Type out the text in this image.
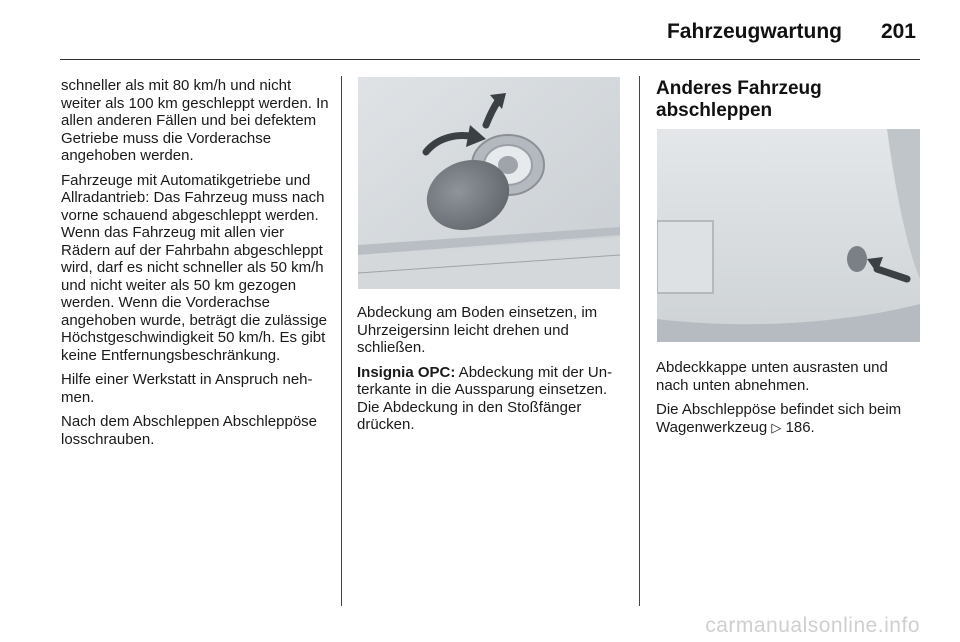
Fahrzeugwartung 201

schneller als mit 80 km/h und nicht weiter als 100 km geschleppt werden. In allen anderen Fällen und bei defektem Getriebe muss die Vorderachse angehoben werden.

Fahrzeuge mit Automatikgetriebe und Allradantrieb: Das Fahrzeug muss nach vorne schauend abgeschleppt werden. Wenn das Fahrzeug mit allen vier Rädern auf der Fahrbahn abgeschleppt wird, darf es nicht schneller als 50 km/h und nicht weiter als 50 km gezogen werden. Wenn die Vorderachse angehoben wurde, beträgt die zulässige Höchstgeschwindigkeit 50 km/h. Es gibt keine Entfernungsbeschränkung.

Hilfe einer Werkstatt in Anspruch nehmen.

Nach dem Abschleppen Abschleppöse losschrauben.

Abdeckung am Boden einsetzen, im Uhrzeigersinn leicht drehen und schließen.

Insignia OPC: Abdeckung mit der Unterkante in die Aussparung einsetzen. Die Abdeckung in den Stoßfänger drücken.

Anderes Fahrzeug abschleppen

Abdeckkappe unten ausrasten und nach unten abnehmen.

Die Abschleppöse befindet sich beim Wagenwerkzeug ▷ 186.

carmanualsonline.info
